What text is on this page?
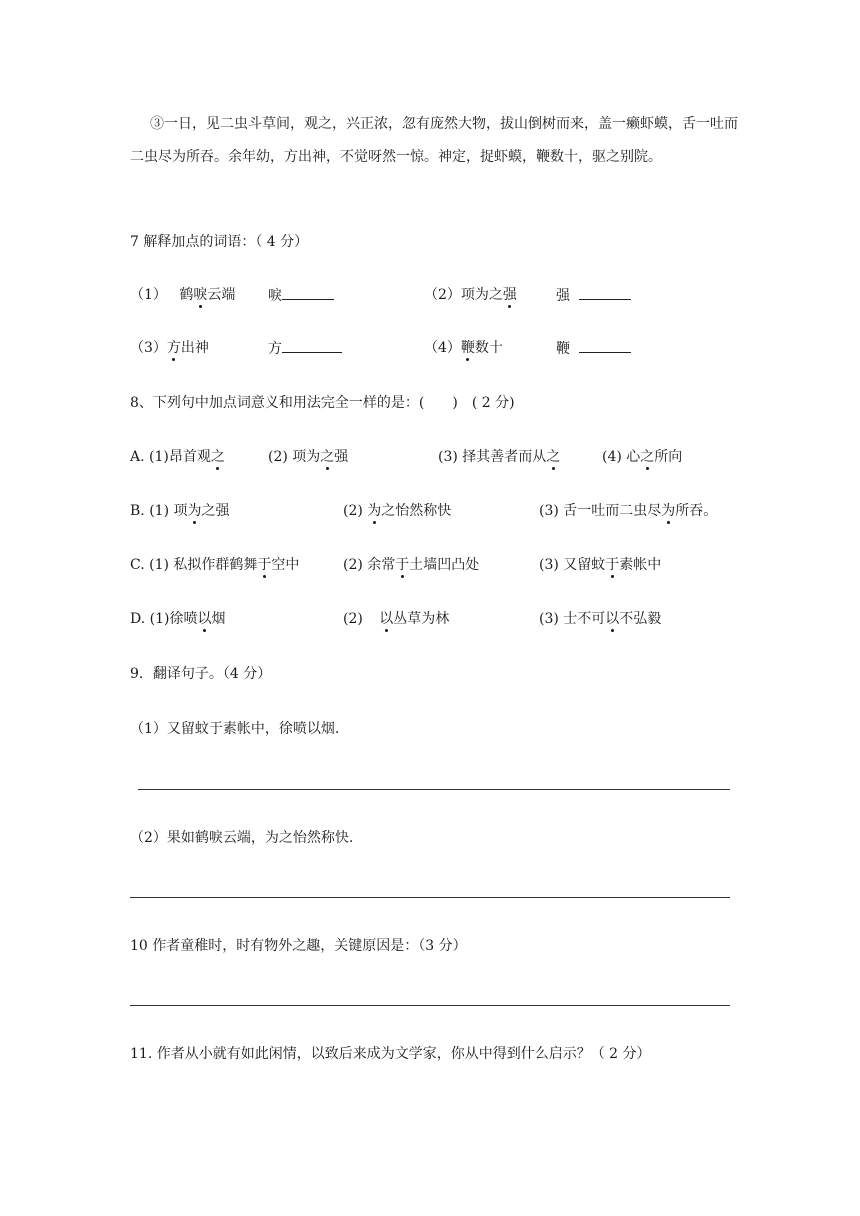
③一日，见二虫斗草间，观之，兴正浓，忽有庞然大物，拔山倒树而来，盖一癞虾蟆，舌一吐而二虫尽为所吞。余年幼，方出神，不觉呀然一惊。神定，捉虾蟆，鞭数十，驱之别院。
7 解释加点的词语：（ 4 分）
（1） 鹤唳云端 唳	（2）项为之强	强
（3）方出神	方	（4）鞭数十	鞭
8、下列句中加点词意义和用法完全一样的是：(　　)　( 2 分)
A. (1)昂首观之	(2) 项为之强	(3) 择其善者而从之	(4) 心之所向
B. (1) 项为之强	(2) 为之怡然称快	(3) 舌一吐而二虫尽为所吞。
C. (1) 私拟作群鹤舞于空中	(2) 余常于土墙凹凸处	(3) 又留蚊于素帐中
D. (1)徐喷以烟	(2) 以丛草为林	(3) 士不可以不弘毅
9．翻译句子。（4 分）
（1）又留蚊于素帐中，徐喷以烟.
（2）果如鹤唳云端，为之怡然称快.
10 作者童稚时，时有物外之趣，关键原因是：（3 分）
11. 作者从小就有如此闲情，以致后来成为文学家，你从中得到什么启示？（ 2 分）
